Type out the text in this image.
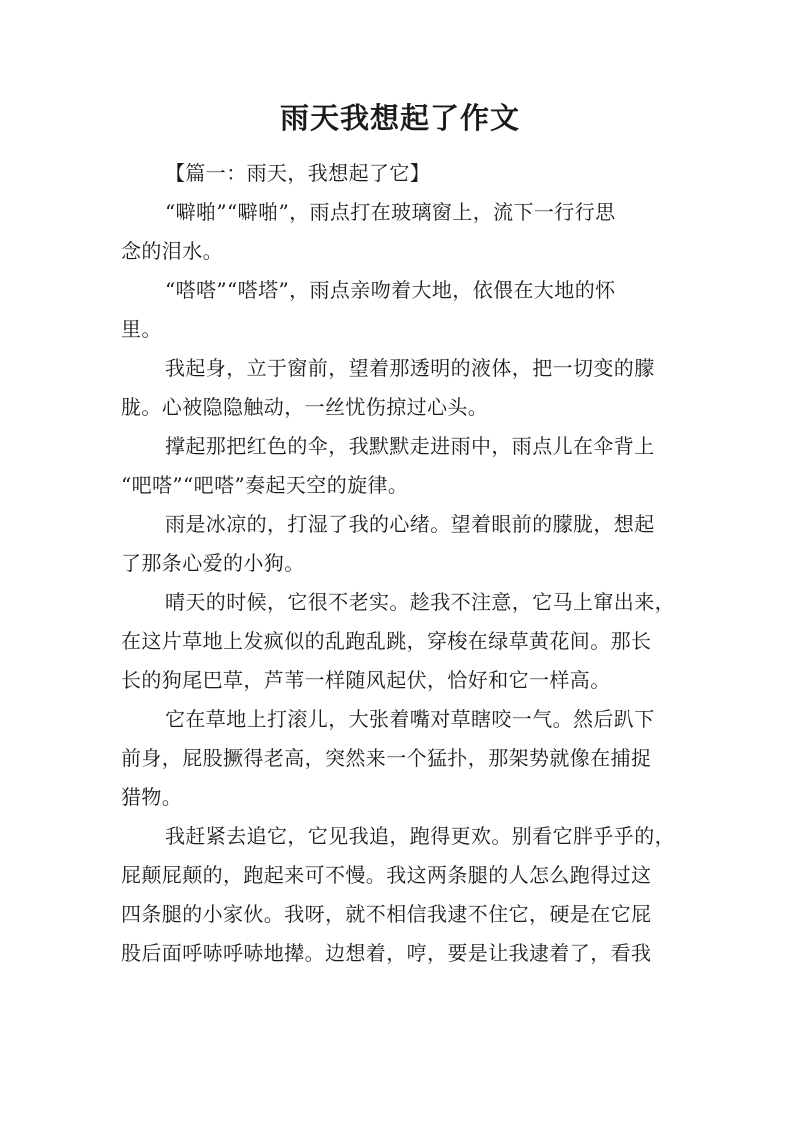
雨天我想起了作文
【篇一：雨天，我想起了它】

“噼啪”“噼啪”，雨点打在玻璃窗上，流下一行行思
念的泪水。

“嗒嗒”“嗒塔”，雨点亲吻着大地，依偎在大地的怀
里。

我起身，立于窗前，望着那透明的液体，把一切变的朦
胧。心被隐隐触动，一丝忧伤掠过心头。

撑起那把红色的伞，我默默走进雨中，雨点儿在伞背上
“吧嗒”“吧嗒”奏起天空的旋律。

雨是冰凉的，打湿了我的心绪。望着眼前的朦胧，想起
了那条心爱的小狗。

晴天的时候，它很不老实。趁我不注意，它马上窜出来，
在这片草地上发疯似的乱跑乱跳，穿梭在绿草黄花间。那长
长的狗尾巴草，芦苇一样随风起伏，恰好和它一样高。

它在草地上打滚儿，大张着嘴对草瞎咬一气。然后趴下
前身，屁股撅得老高，突然来一个猛扑，那架势就像在捕捉
猎物。

我赶紧去追它，它见我追，跑得更欢。别看它胖乎乎的，
屁颠屁颠的，跑起来可不慢。我这两条腿的人怎么跑得过这
四条腿的小家伙。我呀，就不相信我逮不住它，硬是在它屁
股后面呼哧呼哧地撵。边想着，哼，要是让我逮着了，看我
